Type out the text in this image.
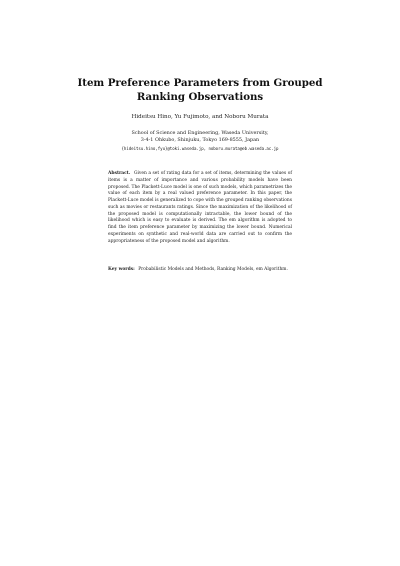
Item Preference Parameters from Grouped Ranking Observations
Hideitsu Hino, Yu Fujimoto, and Noboru Murata
School of Science and Engineering, Waseda University,
3-4-1 Ohkubo, Shinjuku, Tokyo 169-8555, Japan
{hideitsu.hino,fyu}@toki.waseda.jp, noboru.murata@eb.waseda.ac.jp
Abstract. Given a set of rating data for a set of items, determining the values of items is a matter of importance and various probability models have been proposed. The Plackett-Luce model is one of such models, which parametrizes the value of each item by a real valued preference parameter. In this paper, the Plackett-Luce model is generalized to cope with the grouped ranking observations such as movies or restaurants ratings. Since the maximization of the likelihood of the proposed model is computationally intractable, the lower bound of the likelihood which is easy to evaluate is derived. The em algorithm is adopted to find the item preference parameter by maximizing the lower bound. Numerical experiments on synthetic and real-world data are carried out to confirm the appropriateness of the proposed model and algorithm.
Key words: Probabilistic Models and Methods, Ranking Models, em Algorithm.
